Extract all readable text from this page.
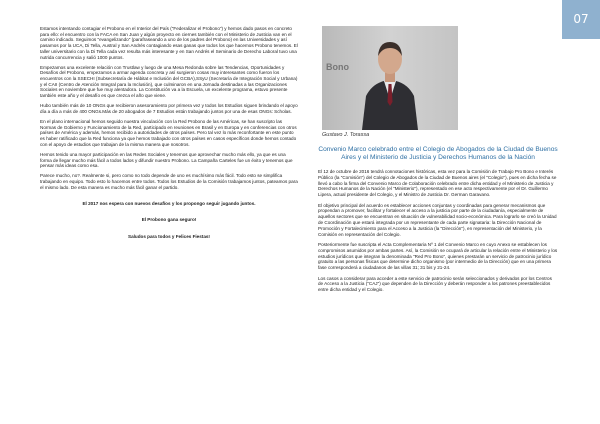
Estamos intentando contagiar el Probono en el Interior del País ("Federalizar el Probono") y hemos dado pasos en concreto para ello: el encuentro con la FACA en San Juan y algún proyecto en ciernes también con el Ministerio de Justicia van en el camino indicado. Seguimos "evangelizando" (parafraseando a uno de los padres del Probono) en las Universidades y así pasamos por la UCA, Di Tella, Austral y San Andrés contagiando esas ganas que todos los que hacemos Probono tenemos. El taller universitario con la Di Tella cada vez resulta más interesante y en San Andrés el Seminario de Derecho Laboral tuvo una nutrida concurrencia y salió 1000 puntos.

Empezamos una excelente relación con Trustlaw y luego de una Mesa Redonda sobre las Tendencias, Oportunidades y Desafíos del Probono, empezamos a armar agenda concreta y así surgieron cosas muy interesantes como fueron los encuentros con la SSECHI (Subsecretaría de Hábitat e Inclusión del GCBA),SSyU (Secretaría de Integración Social y Urbana) y el CAII (Centro de Atención Integral para la Inclusión), que culminaron en una Jornada destinadas a las Organizaciones Sociales en noviembre que fue muy alentadora. La Constitución va a la Escuela, un excelente programa, estuvo presente también este año y el desafío es que crezca el año que viene.

Hubo también más de 10 ONGs que recibieron asesoramiento por primera vez y todos los Estudios siguen brindando el apoyo día a día a más de 400 ONGs.Más de 20 abogados de 7 Estudios están trabajando juntos por una de esas ONGs: Scholas.

En el plano internacional hemos seguido nuestra vinculación con la Red Probono de las Américas, se han suscripto las Normas de Gobierno y Funcionamiento de la Red, participado en reuniones en Brasil y en Europa y en conferencias con otros países de América y además, hemos recibido a autoridades de otros países. Pero tal vez lo más reconfortante en este punto es haber ratificado que la Red funciona ya que hemos trabajado con otros países en casos específicos donde hemos contado con el apoyo de estudios que trabajan de la misma manera que nosotros.

Hemos tenido una mayor participación en las Redes Sociales y tenemos que aprovechar mucho más ello, ya que es una forma de llegar mucho más fácil a todos lados y difundir nuestro Probono. La Campaña Carteles fue un éxito y tenemos que pensar más ideas como esa.

Parece mucho, no?. Realmente si, pero como no todo depende de uno es muchísimo más fácil. Todo esto se simplifica trabajando en equipo. Todo esto lo hacemos entre todos. Todos los Estudios de la Comisión trabajamos juntos, pateamos para el mismo lado. De esta manera es mucho más fácil ganar el partido.

El 2017 nos espera con nuevos desafíos y los propongo seguir jugando juntos.

El Probono gana seguro!

Saludos para todos y Felices Fiestas!

07
Bono
Gustavo J. Torassa
Convenio Marco celebrado entre el Colegio de Abogados de la Ciudad de Buenos Aires y el Ministerio de Justicia y Derechos Humanos de la Nación

El 12 de octubre de 2016 tendrá connotaciones históricas, esta vez para la Comisión de Trabajo Pro Bono e Interés Público (la "Comisión") del Colegio de Abogados de la Ciudad de Buenos aires (el "Colegio"), pues en dicha fecha se llevó a cabo la firma del Convenio Marco de Colaboración celebrado entre dicha entidad y el Ministerio de Justicia y Derechos Humanos de la Nación (el "Ministerio"), representado en ese acto respectivamente por el Dr. Guillermo Lipera, actual presidente del Colegio, y el Ministro de Justicia Dr. German Garavano.

El objetivo principal del acuerdo es establecer acciones conjuntas y coordinadas para generar mecanismos que propendan a promover, facilitar y fortalecer el acceso a la justicia por parte de la ciudadanía, especialmente de aquellos sectores que se encuentran en situación de vulnerabilidad socio-económica. Para lograrlo se creó la Unidad de Coordinación que estará integrada por un representante de cada parte signataria: la Dirección Nacional de Promoción y Fortalecimiento para el Acceso a la Justicia (la "Dirección"), en representación del Ministerio, y la Comisión en representación del Colegio.

Posteriormente fue suscripta el Acta Complementaria Nº 1 del Convenio Marco en cuyo Anexo se establecen los compromisos asumidos por ambas partes. Así, la Comisión se ocupará de articular la relación entre el Ministerio y los estudios jurídicos que integran la denominada "Red Pro Bono", quienes prestarán un servicio de patrocinio jurídico gratuito a las personas físicas que determine dicho organismo (por intermedio de la Dirección) que en una primera fase corresponderá a ciudadanos de las villas 31; 31 bis y 21-24.

Los casos a considerar para acceder a este servicio de patrocinio serán seleccionados y derivados por los Centros de Acceso a la Justicia ("CAJ") que dependen de la Dirección y deberán responder a los patrones preestablecidos entre dicha entidad y el Colegio.
